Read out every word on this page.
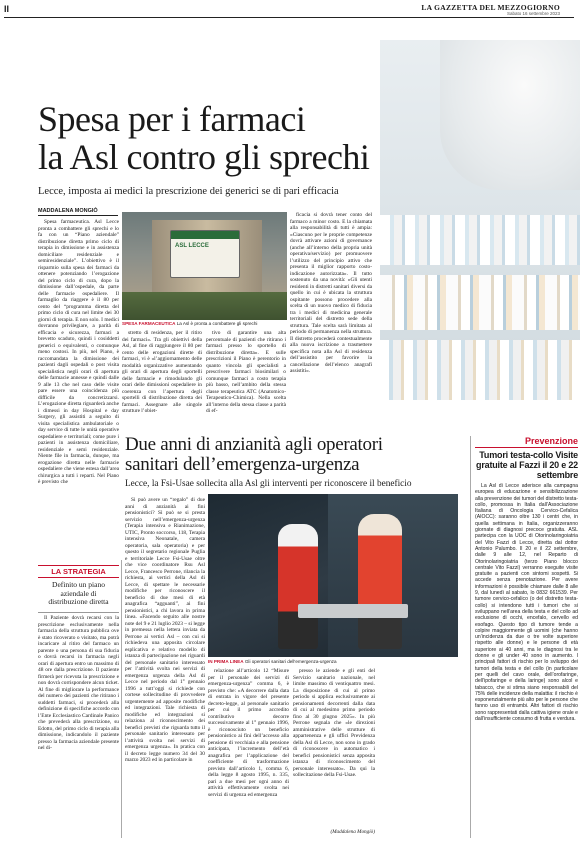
II	LA GAZZETTA DEL MEZZOGIORNO
Sabato 16 settembre 2023
Spesa per i farmaci
la Asl contro gli sprechi
Lecce, imposta ai medici la prescrizione dei generici se di pari efficacia
MADDALENA MONGIÒ

Spesa farmaceutica. Asl Lecce pronta a combattere gli sprechi e lo fa con un “Piano aziendale” distribuzione diretta primo ciclo di terapia in dimissione e in assistenza domiciliare residenziale e semiresidenziale”. L’obiettivo è il risparmio sulla spesa dei farmaci da ottenere potenziando l’erogazione del primo ciclo di cura, dopo la dimissione dall’ospedale, da parte delle farmacie ospedaliere. Il farmaglio da riaggere è il 80 per cento del “programma diretta del primo ciclo di cura nel limite dei 30 giorni di terapia. E non solo. I medici dovranno privilegiare, a parità di efficacia e sicurezza, farmaci a brevetto scaduto, quindi i cosiddetti generici o equivalenti, o comunque meno costosi. In più, nel Piano, è raccomandata la dimissione dei pazienti dagli ospedali o post visita specialistica negli orari di apertura delle farmacie annesse e quindi dalle 9 alle 13 che nel caso delle visite pare essere una coincidenza più difficile da concretizzarsi. L’erogazione diretta riguarderà anche i dimessi in day Hospital e day Surgery, gli assistiti a seguito di visita specialistica ambulatoriale o day service di tutte le unità operative ospedaliere e territoriali; come pure i pazienti in assistenza domiciliare, residenziale e semi residenziale. Niente file in farmacia, dunque, ma erogazione diretta nelle farmacie ospedaliere che viene estesa dall’area chirurgica a tutti i reparti. Nel Piano è previsto che

ASL LECCE
SPESA FARMACEUTICA La Asl è pronta a combattere gli sprechi

stretto di residenza, per il ritiro dei farmaci». Tra gli obiettivi della Asl, al fine di raggiungere il 80 per cento delle erogazioni dirette di farmaci, vi è «l’aggiornamento delle modalità organizzative aumentando gli orari di apertura degli sportelli delle farmacie e rimodulando gli orari delle dimissioni ospedaliere in coerenza con l’apertura degli sportelli di distribuzione diretta dei farmaci. Assegnare alle singole strutture l’obiet-

tivo di garantire una alta percentuale di pazienti che ritirano i farmaci presso lo sportello di distribuzione diretta». E sulle prescrizioni il Piano è perentorio in quanto vincola gli specialisti a prescrivere farmaci biosimilari o comunque farmaci a costo terapia più basso, nell’ambito della stessa classe terapeutica ATC (Anatomico-Terapeutico-Chimica). Nella scelta all’interno della stessa classe a parità di ef-

ficacia si dovrà tener conto del farmaco a minor costo. E la chiamata alla responsabilità di tutti è ampia: «Ciascuno per le proprie competenze dovrà attivare azioni di governance (anche all’interno della propria unità operativa/servizio) per promuovere l’utilizzo del principio attivo che presenta il miglior rapporto costo-indicazione autorizzata». Il tutto sostenuto da una novità: «Gli utenti residenti in distretti sanitari diversi da quello in cui è ubicata la struttura ospitante possono procedere alla scelta di un nuovo medico di fiducia tra i medici di medicina generale territoriali del distretto sede della struttura. Tale scelta sarà limitata al periodo di permanenza nella struttura. Il distretto procederà contestualmente alla nuova iscrizione a trasmettere specifica nota alla Asl di residenza dell’assistito per favorire la cancellazione dell’elenco anagrafi assistiti».

LA STRATEGIA
Definito un piano aziendale di distribuzione diretta

Il Paziente dovrà recarsi con la prescrizione esclusivamente nella farmacia della struttura pubblica ove è stato ricoverato o visitato, ma potrà incaricare al ritiro del farmaco un parente o una persona di sua fiducia o dovrà recarsi in farmacia negli orari di apertura entro un massimo di 48 ore dalla prescrizione. Il paziente firmerà per ricevuta la prescrizione e non dovrà corrispondere alcun ticket. Al fine di migliorare la performance del numero dei pazienti che ritirano i suddetti farmaci, si procederà alla definizione di specifiche accordo con l’Ente Ecclesiastico Cardinale Panico che prevederà alla prescrizione, su Edotto, del primo ciclo di terapia alla dimissione, indicandolo il paziente presso la farmacia aziendale presente nel di-

Due anni di anzianità agli operatori
sanitari dell’emergenza-urgenza
Lecce, la Fsi-Usae sollecita alla Asl gli interventi per riconoscere il beneficio

Si può avere un “regalo” di due anni di anzianità ai fini pensionistici? Sì può se si presta servizio nell’emergenza-urgenza (Terapia intensiva e Rianimazione, UTIC, Pronto soccorso, 118, Terapia intensiva Neonatale, camera operatoria, sala operatoria) e per questo il segretario regionale Puglia e territoriale Lecce Fsi-Usae oltre che vice coordinatore Rsu Asl Lecce, Francesco Perrone, rilancia la richiesta, ai vertici della Asl di Lecce, di spettare le necessarie modifiche per riconoscere il beneficio di due mesi di età anagrafica “agguanti”, ai fini pensionistici, a chi lavora in prima linea. «Facendo seguito alle nostre note del 9 e 21 luglio 2023 – si legge in premessa nella lettera inviata da Perrone ai vertici Asl – con cui si richiedeva una apposita circolare esplicativa e relativo modello di istanza di partecipazione nei riguardi del personale sanitario interessato per l’attività svolta nei servizi di emergenza urgenza della Asl di Lecce nel periodo dal 1° gennaio 1996 a tutt’oggi si richiede con cortese sollecitudine di provvedere urgentemente ad apposite modifiche ed integrazioni. Tale richiesta di modifiche ed integrazioni si relaziona al riconoscimento dei benefici previsti che riguarda tutto il personale sanitario interessato per l’attività svolta nei servizi di emergenza urgenza». In pratica con il decreto legge numero 34 del 30 marzo 2023 ed in particolare in

IN PRIMA LINEA Gli operatori sanitari dell’emergenza-urgenza

relazione all’articolo 12 “Misure per il personale dei servizi di emergenza-urgenza” comma 6, è previsto che: «A decorrere dalla data di entrata in vigore del presente decreto-legge, al personale sanitario per cui il primo accredito contributivo decorre successivamente al 1° gennaio 1996, è riconosciuto un beneficio pensionistico ai fini dell’accesso alla pensione di vecchiaia e alla pensione anticipata, l’incremento dell’età anagrafica per l’applicazione del coefficiente di trasformazione previsto dall’articolo 1, comma 6, della legge 8 agosto 1995, n. 335, pari a due mesi per ogni anno di attività effettivamente svolta nei servizi di urgenza ed emergenza

presso le aziende e gli enti del Servizio sanitario nazionale, nel limite massimo di ventiquattro mesi. La disposizione di cui al primo periodo si applica esclusivamente ai pensionamenti decorrenti dalla data di cui al medesimo primo periodo fino al 30 giugno 2025». In più Perrone segnala che «le direzioni amministrative delle strutture di appartenenza e gli uffici Previdenza della Asl di Lecce, non sono in grado di riconoscere in automatico i benefici pensionistici senza apposita istanza di riconoscimento del personale interessato». Da qui la sollecitazione della Fsi-Usae.

(Maddalena Mongiò)
Prevenzione
Tumori testa-collo Visite gratuite al Fazzi il 20 e 22 settembre

La Asl di Lecce aderisce alla campagna europea di educazione e sensibilizzazione alla prevenzione dei tumori del distretto testa-collo, promossa in Italia dall’Associazione Italiana di Oncologia Cervico-Cefalica (AIOCC): saranno oltre 130 i centri che, in quella settimana in Italia, organizzeranno giornate di diagnosi precoce gratuita. ASL partecipa con la UOC di Otorinolaringoiatria del Vito Fazzi di Lecce, diretta dal dottor Antonio Palumbo. Il 20 e il 22 settembre, dalle 9 alle 12, nel Reparto di Otorinolaringoiatria (terzo Piano blocco centrale Vito Fazzi) verranno eseguite visite gratuite a pazienti con sintomi sospetti. Si accede senza prenotazione. Per avere informazioni è possibile chiamare dalle 8 alle 9, dal lunedì al sabato, lo 0832 661539. Per tumore cervico-cefalico (o del distretto testa-collo) si intendono tutti i tumori che si sviluppano nell’area della testa e del collo ad esclusione di occhi, encefalo, cervello ed esofago. Questo tipo di tumore tende a colpire maggiormente gli uomini (che hanno un’incidenza da due o tre volte superiore rispetto alle donne) e le persone di età superiore ai 40 anni, ma le diagnosi tra le donne e gli under 40 sono in aumento. I principali fattori di rischio per lo sviluppo dei tumori della testa e del collo (in particolare per quelli del cavo orale, dell’orofaringe, dell’ipofaringe e della laringe) sono alcol e tabacco, che si stima siano responsabili del 75% delle incidenze della malattia: il rischio è esponenzialmente più alto per le persone che fanno uso di entrambi. Altri fattori di rischio sono rappresentati dalla cattiva igiene orale e dall’insufficiente consumo di frutta e verdura.
